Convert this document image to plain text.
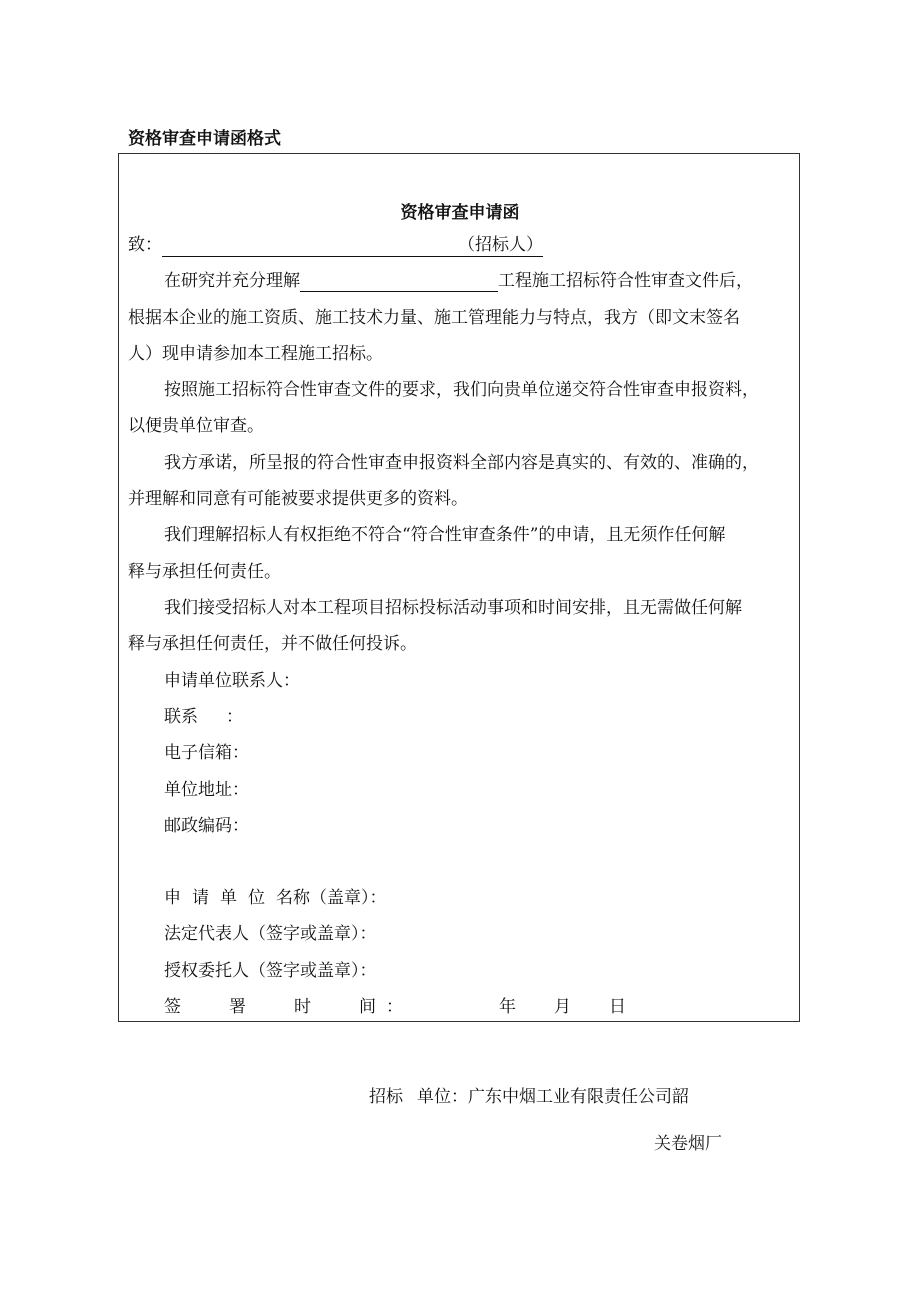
资格审查申请函格式
资格审查申请函
致：	（招标人）
在研究并充分理解	工程施工招标符合性审查文件后，
根据本企业的施工资质、施工技术力量、施工管理能力与特点，我方（即文末签名
人）现申请参加本工程施工招标。
按照施工招标符合性审查文件的要求，我们向贵单位递交符合性审查申报资料，
以便贵单位审查。
我方承诺，所呈报的符合性审查申报资料全部内容是真实的、有效的、准确的，
并理解和同意有可能被要求提供更多的资料。
我们理解招标人有权拒绝不符合“符合性审查条件”的申请，且无须作任何解
释与承担任何责任。
我们接受招标人对本工程项目招标投标活动事项和时间安排，且无需做任何解
释与承担任何责任，并不做任何投诉。
申请单位联系人：
联系 ：
电子信箱：
单位地址：
邮政编码：
申 请 单 位 名称（盖章）：
法定代表人（签字或盖章）：
授权委托人（签字或盖章）：
签	署	时	间 ：	年 月 日
招标 单位：广东中烟工业有限责任公司韶
关卷烟厂
